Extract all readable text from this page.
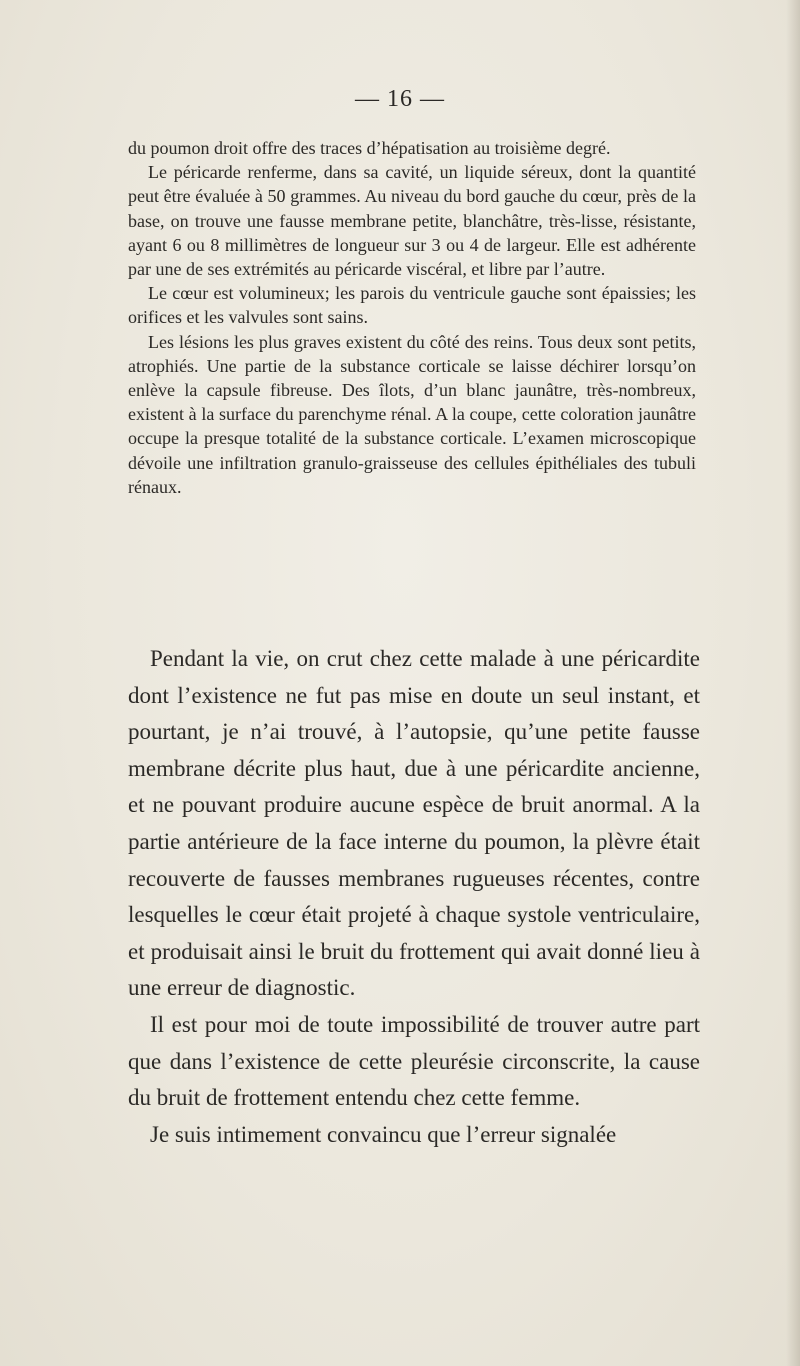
— 16 —

du poumon droit offre des traces d’hépatisation au troisième degré.

Le péricarde renferme, dans sa cavité, un liquide séreux, dont la quantité peut être évaluée à 50 grammes. Au niveau du bord gauche du cœur, près de la base, on trouve une fausse membrane petite, blanchâtre, très-lisse, résistante, ayant 6 ou 8 millimètres de longueur sur 3 ou 4 de largeur. Elle est adhérente par une de ses extrémités au péricarde viscéral, et libre par l’autre.

Le cœur est volumineux; les parois du ventricule gauche sont épaissies; les orifices et les valvules sont sains.

Les lésions les plus graves existent du côté des reins. Tous deux sont petits, atrophiés. Une partie de la substance corticale se laisse déchirer lorsqu’on enlève la capsule fibreuse. Des îlots, d’un blanc jaunâtre, très-nombreux, existent à la surface du parenchyme rénal. A la coupe, cette coloration jaunâtre occupe la presque totalité de la substance corticale. L’examen microscopique dévoile une infiltration granulo-graisseuse des cellules épithéliales des tubuli rénaux.

Pendant la vie, on crut chez cette malade à une péricardite dont l’existence ne fut pas mise en doute un seul instant, et pourtant, je n’ai trouvé, à l’autopsie, qu’une petite fausse membrane décrite plus haut, due à une péricardite ancienne, et ne pouvant produire aucune espèce de bruit anormal. A la partie antérieure de la face interne du poumon, la plèvre était recouverte de fausses membranes rugueuses récentes, contre lesquelles le cœur était projeté à chaque systole ventriculaire, et produisait ainsi le bruit du frottement qui avait donné lieu à une erreur de diagnostic.

Il est pour moi de toute impossibilité de trouver autre part que dans l’existence de cette pleurésie circonscrite, la cause du bruit de frottement entendu chez cette femme.

Je suis intimement convaincu que l’erreur signalée
